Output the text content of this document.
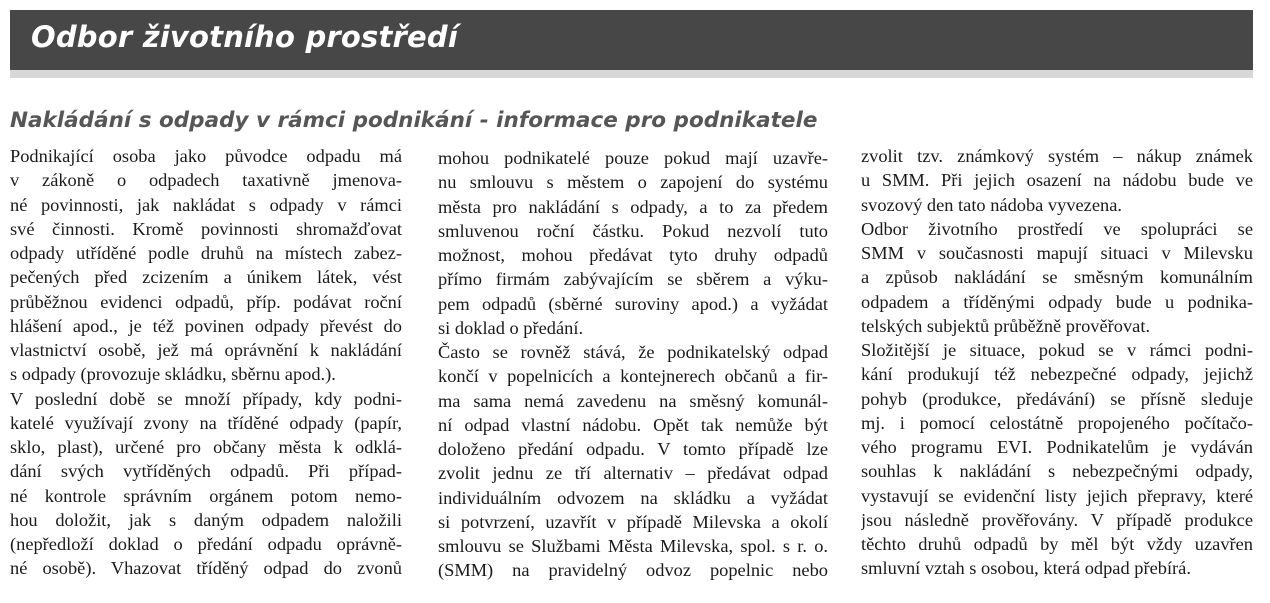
Odbor životního prostředí
Nakládání s odpady v rámci podnikání - informace pro podnikatele
Podnikající osoba jako původce odpadu má
v zákoně o odpadech taxativně jmenova-
né povinnosti, jak nakládat s odpady v rámci
své činnosti. Kromě povinnosti shromažďovat
odpady utříděné podle druhů na místech zabez-
pečených před zcizením a únikem látek, vést
průběžnou evidenci odpadů, příp. podávat roční
hlášení apod., je též povinen odpady převést do
vlastnictví osobě, jež má oprávnění k nakládání
s odpady (provozuje skládku, sběrnu apod.).
V poslední době se množí případy, kdy podni-
katelé využívají zvony na tříděné odpady (papír,
sklo, plast), určené pro občany města k odklá-
dání svých vytříděných odpadů. Při případ-
né kontrole správním orgánem potom nemo-
hou doložit, jak s daným odpadem naložili
(nepředloží doklad o předání odpadu oprávně-
né osobě). Vhazovat tříděný odpad do zvonů
mohou podnikatelé pouze pokud mají uzavře-
nu smlouvu s městem o zapojení do systému
města pro nakládání s odpady, a to za předem
smluvenou roční částku. Pokud nezvolí tuto
možnost, mohou předávat tyto druhy odpadů
přímo firmám zabývajícím se sběrem a výku-
pem odpadů (sběrné suroviny apod.) a vyžádat
si doklad o předání.
Často se rovněž stává, že podnikatelský odpad
končí v popelnicích a kontejnerech občanů a fir-
ma sama nemá zavedenu na směsný komunál-
ní odpad vlastní nádobu. Opět tak nemůže být
doloženo předání odpadu. V tomto případě lze
zvolit jednu ze tří alternativ – předávat odpad
individuálním odvozem na skládku a vyžádat
si potvrzení, uzavřít v případě Milevska a okolí
smlouvu se Službami Města Milevska, spol. s r. o.
(SMM) na pravidelný odvoz popelnic nebo
zvolit tzv. známkový systém – nákup známek
u SMM. Při jejich osazení na nádobu bude ve
svozový den tato nádoba vyvezena.
Odbor životního prostředí ve spolupráci se
SMM v současnosti mapují situaci v Milevsku
a způsob nakládání se směsným komunálním
odpadem a tříděnými odpady bude u podnika-
telských subjektů průběžně prověřovat.
Složitější je situace, pokud se v rámci podni-
kání produkují též nebezpečné odpady, jejichž
pohyb (produkce, předávání) se přísně sleduje
mj. i pomocí celostátně propojeného počítačo-
vého programu EVI. Podnikatelům je vydáván
souhlas k nakládání s nebezpečnými odpady,
vystavují se evidenční listy jejich přepravy, které
jsou následně prověřovány. V případě produkce
těchto druhů odpadů by měl být vždy uzavřen
smluvní vztah s osobou, která odpad přebírá.
